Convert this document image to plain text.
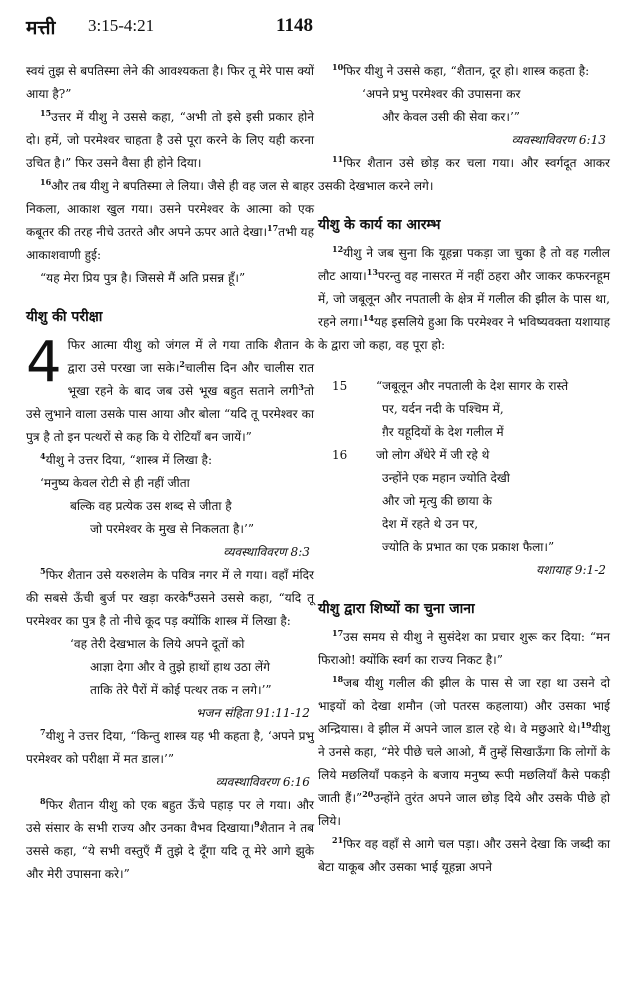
मत्ती 3:15-4:21	1148

स्वयं तुझ से बपतिस्मा लेने की आवश्यकता है। फिर तू मेरे पास क्यों आया है?”

$^{15}$उत्तर में यीशु ने उससे कहा, “अभी तो इसे इसी प्रकार होने दो। हमें, जो परमेश्वर चाहता है उसे पूरा करने के लिए यही करना उचित है।” फिर उसने वैसा ही होने दिया।

$^{16}$और तब यीशु ने बपतिस्मा ले लिया। जैसे ही वह जल से बाहर निकला, आकाश खुल गया। उसने परमेश्वर के आत्मा को एक कबूतर की तरह नीचे उतरते और अपने ऊपर आते देखा।$^{17}$तभी यह आकाशवाणी हुई:

“यह मेरा प्रिय पुत्र है। जिससे मैं अति प्रसन्न हूँ।”

यीशु की परीक्षा

4 फिर आत्मा यीशु को जंगल में ले गया ताकि शैतान के द्वारा उसे परखा जा सके।$^2$चालीस दिन और चालीस रात भूखा रहने के बाद जब उसे भूख बहुत सताने लगी$^3$तो उसे लुभाने वाला उसके पास आया और बोला “यदि तू परमेश्वर का पुत्र है तो इन पत्थरों से कह कि ये रोटियाँ बन जायें।”

$^4$यीशु ने उत्तर दिया, “शास्त्र में लिखा है:

‘मनुष्य केवल रोटी से ही नहीं जीता
बल्कि वह प्रत्येक उस शब्द से जीता है
जो परमेश्वर के मुख से निकलता है।’”
व्यवस्थाविवरण 8:3

$^5$फिर शैतान उसे यरुशलेम के पवित्र नगर में ले गया। वहाँ मंदिर की सबसे ऊँची बुर्ज पर खड़ा करके$^6$उसने उससे कहा, “यदि तू परमेश्वर का पुत्र है तो नीचे कूद पड़ क्योंकि शास्त्र में लिखा है:

‘वह तेरी देखभाल के लिये अपने दूतों को
आज्ञा देगा और वे तुझे हाथों हाथ उठा लेंगे
ताकि तेरे पैरों में कोई पत्थर तक न लगे।’”
भजन संहिता 91:11-12

$^7$यीशु ने उत्तर दिया, “किन्तु शास्त्र यह भी कहता है, ‘अपने प्रभु परमेश्वर को परीक्षा में मत डाल।’”

व्यवस्थाविवरण 6:16

$^8$फिर शैतान यीशु को एक बहुत ऊँचे पहाड़ पर ले गया। और उसे संसार के सभी राज्य और उनका वैभव दिखाया।$^9$शैतान ने तब उससे कहा, “ये सभी वस्तुएँ मैं तुझे दे दूँगा यदि तू मेरे आगे झुके और मेरी उपासना करे।”

$^{10}$फिर यीशु ने उससे कहा, “शैतान, दूर हो। शास्त्र कहता है:

‘अपने प्रभु परमेश्वर की उपासना कर
और केवल उसी की सेवा कर।’”
व्यवस्थाविवरण 6:13

$^{11}$फिर शैतान उसे छोड़ कर चला गया। और स्वर्गदूत आकर उसकी देखभाल करने लगे।

यीशु के कार्य का आरम्भ

$^{12}$यीशु ने जब सुना कि यूहन्ना पकड़ा जा चुका है तो वह गलील लौट आया।$^{13}$परन्तु वह नासरत में नहीं ठहरा और जाकर कफरनहूम में, जो जबूलून और नपताली के क्षेत्र में गलील की झील के पास था, रहने लगा।$^{14}$यह इसलिये हुआ कि परमेश्वर ने भविष्यवक्ता यशायाह के द्वारा जो कहा, वह पूरा हो:

15 “जबूलून और नपताली के देश सागर के रास्ते
पर, यर्दन नदी के पश्चिम में,
ग़ैर यहूदियों के देश गलील में
16 जो लोग अँधेरे में जी रहे थे
उन्होंने एक महान ज्योति देखी
और जो मृत्यु की छाया के
देश में रहते थे उन पर,
ज्योति के प्रभात का एक प्रकाश फैला।”
यशायाह 9:1-2
यीशु द्वारा शिष्यों का चुना जाना

$^{17}$उस समय से यीशु ने सुसंदेश का प्रचार शुरू कर दिया: “मन फिराओ! क्योंकि स्वर्ग का राज्य निकट है।”

$^{18}$जब यीशु गलील की झील के पास से जा रहा था उसने दो भाइयों को देखा शमौन (जो पतरस कहलाया) और उसका भाई अन्द्रियास। वे झील में अपने जाल डाल रहे थे। वे मछुआरे थे।$^{19}$यीशु ने उनसे कहा, “मेरे पीछे चले आओ, मैं तुम्हें सिखाऊँगा कि लोगों के लिये मछलियाँ पकड़ने के बजाय मनुष्य रूपी मछलियाँ कैसे पकड़ी जाती हैं।”$^{20}$उन्होंने तुरंत अपने जाल छोड़ दिये और उसके पीछे हो लिये।

$^{21}$फिर वह वहाँ से आगे चल पड़ा। और उसने देखा कि जब्दी का बेटा याकूब और उसका भाई यूहन्ना अपने
